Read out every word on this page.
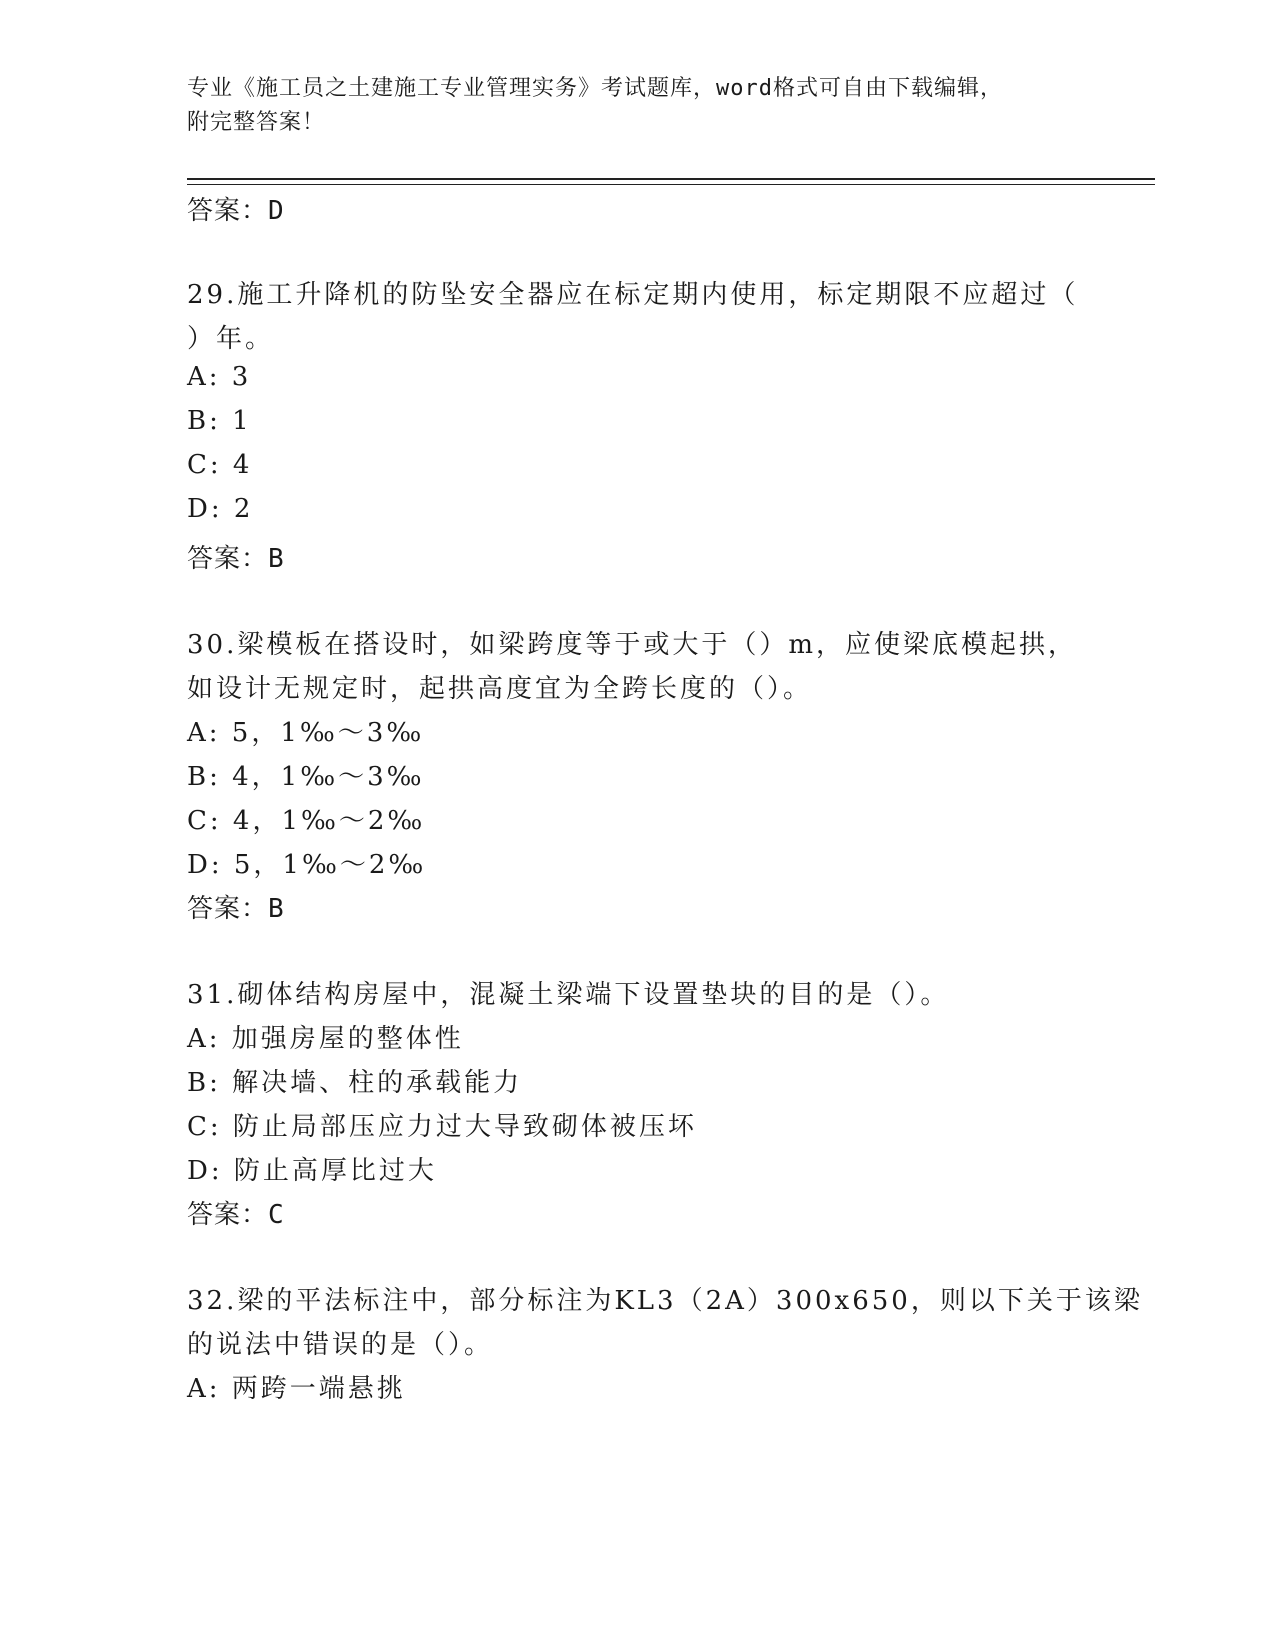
专业《施工员之土建施工专业管理实务》考试题库，word格式可自由下载编辑，
附完整答案！
答案：D
29.施工升降机的防坠安全器应在标定期内使用，标定期限不应超过（
）年。
A: 3
B: 1
C: 4
D: 2
答案：B
30.梁模板在搭设时，如梁跨度等于或大于（）m，应使梁底模起拱，
如设计无规定时，起拱高度宜为全跨长度的（）。
A: 5，1‰～3‰
B: 4，1‰～3‰
C: 4，1‰～2‰
D: 5，1‰～2‰
答案：B
31.砌体结构房屋中，混凝土梁端下设置垫块的目的是（）。
A: 加强房屋的整体性
B: 解决墙、柱的承载能力
C: 防止局部压应力过大导致砌体被压坏
D: 防止高厚比过大
答案：C
32.梁的平法标注中，部分标注为KL3（2A）300x650，则以下关于该梁
的说法中错误的是（）。
A: 两跨一端悬挑
